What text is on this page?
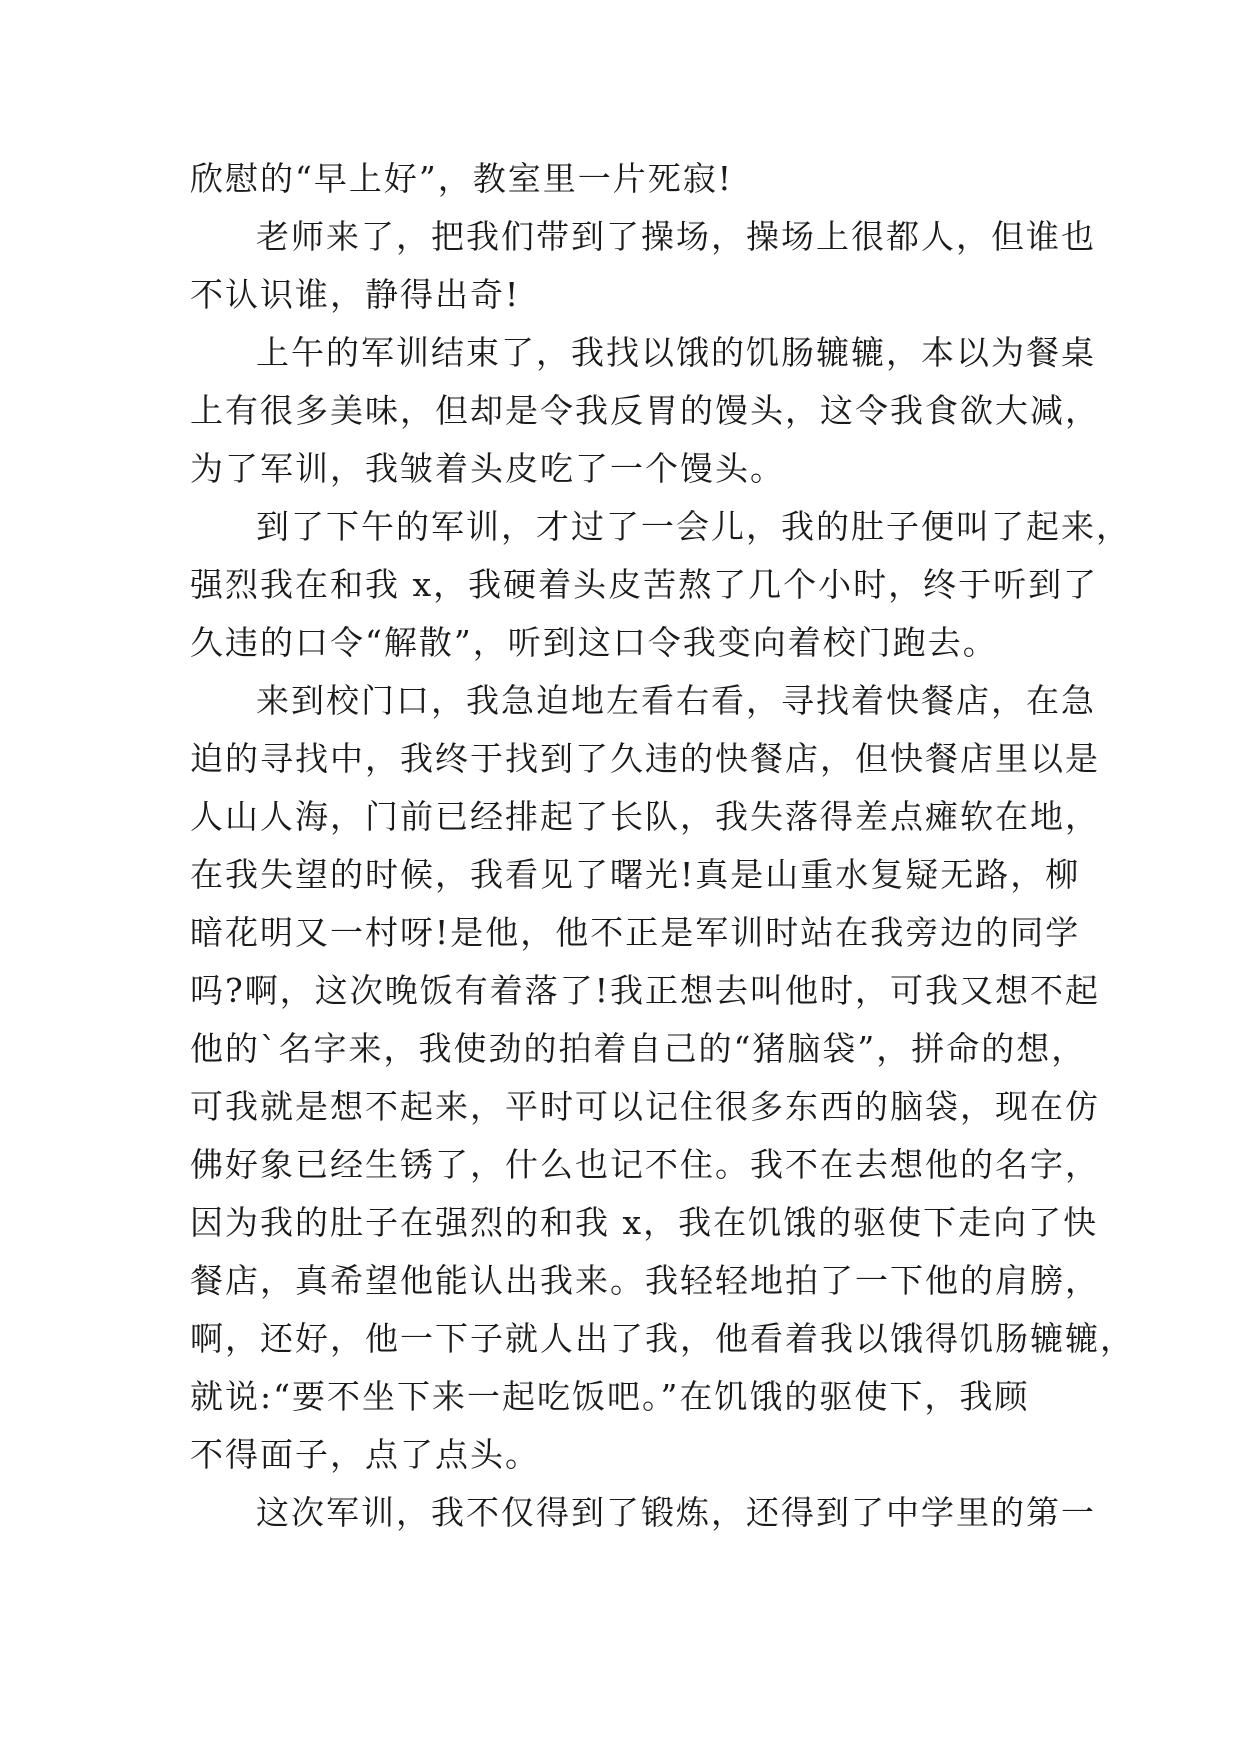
欣慰的“早上好”，教室里一片死寂!
老师来了，把我们带到了操场，操场上很都人，但谁也
不认识谁，静得出奇!
上午的军训结束了，我找以饿的饥肠辘辘，本以为餐桌
上有很多美味，但却是令我反胃的馒头，这令我食欲大减，
为了军训，我皱着头皮吃了一个馒头。
到了下午的军训，才过了一会儿，我的肚子便叫了起来，
强烈我在和我 x，我硬着头皮苦熬了几个小时，终于听到了
久违的口令“解散”，听到这口令我变向着校门跑去。
来到校门口，我急迫地左看右看，寻找着快餐店，在急
迫的寻找中，我终于找到了久违的快餐店，但快餐店里以是
人山人海，门前已经排起了长队，我失落得差点瘫软在地，
在我失望的时候，我看见了曙光!真是山重水复疑无路，柳
暗花明又一村呀!是他，他不正是军训时站在我旁边的同学
吗?啊，这次晚饭有着落了!我正想去叫他时，可我又想不起
他的`名字来，我使劲的拍着自己的“猪脑袋”，拼命的想，
可我就是想不起来，平时可以记住很多东西的脑袋，现在仿
佛好象已经生锈了，什么也记不住。我不在去想他的名字，
因为我的肚子在强烈的和我 x，我在饥饿的驱使下走向了快
餐店，真希望他能认出我来。我轻轻地拍了一下他的肩膀，
啊，还好，他一下子就人出了我，他看着我以饿得饥肠辘辘，
就说:“要不坐下来一起吃饭吧。”在饥饿的驱使下，我顾
不得面子，点了点头。
这次军训，我不仅得到了锻炼，还得到了中学里的第一
